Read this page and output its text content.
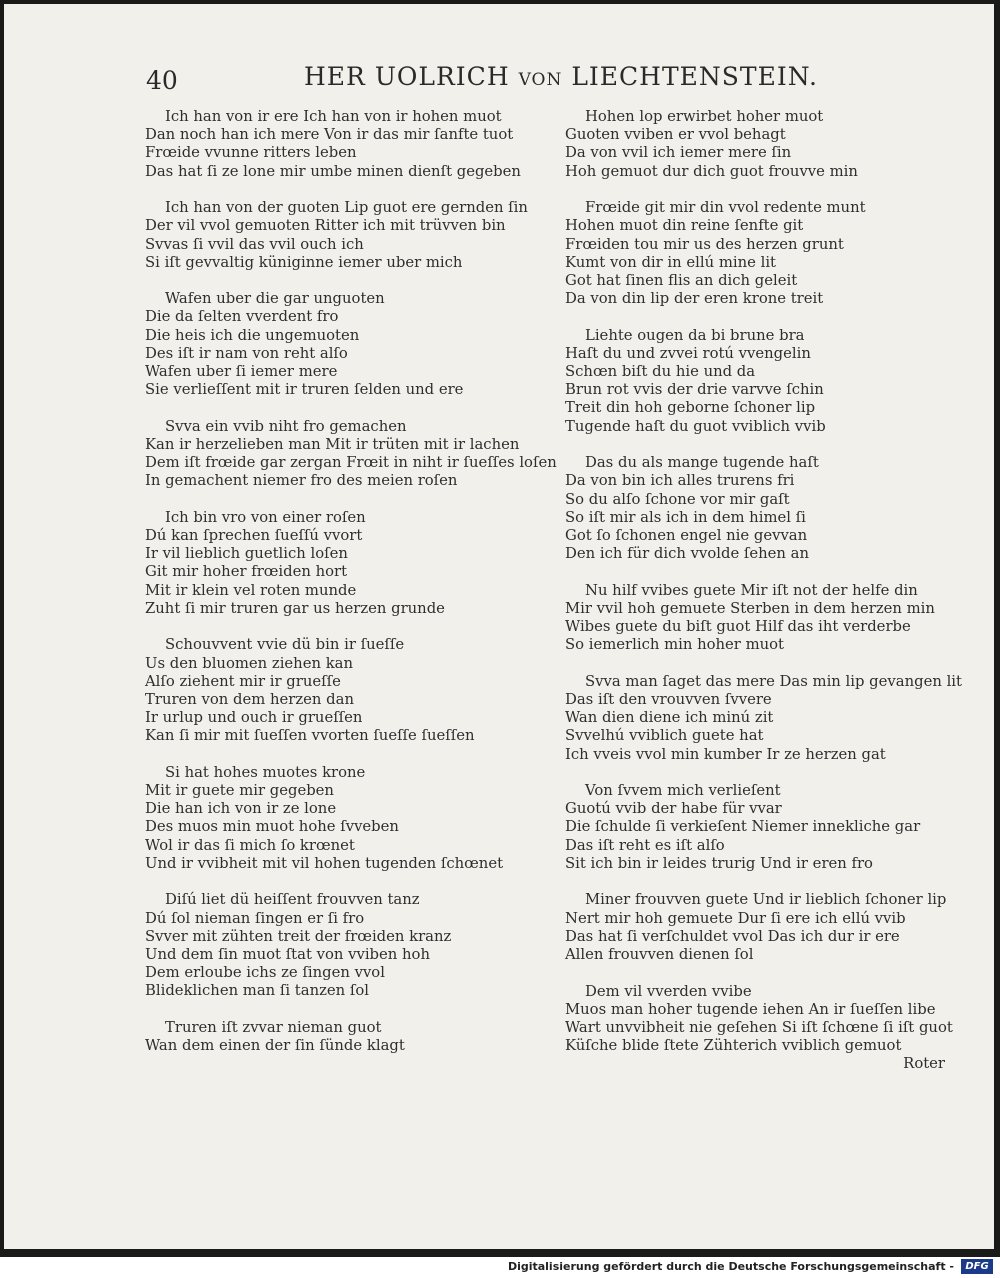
40	HER UOLRICH VON LIECHTENSTEIN.
Ich han von ir ere Ich han von ir hohen muot
Dan noch han ich mere Von ir das mir ſanfte tuot
Frœide vvunne ritters leben
Das hat ſi ze lone mir umbe minen dienſt gegeben
Ich han von der guoten Lip guot ere gernden ſin
Der vil vvol gemuoten Ritter ich mit trüvven bin
Svvas ſi vvil das vvil ouch ich
Si iſt gevvaltig küniginne iemer uber mich
Wafen uber die gar unguoten
Die da ſelten vverdent fro
Die heis ich die ungemuoten
Des iſt ir nam von reht alſo
Wafen uber ſi iemer mere
Sie verlieſſent mit ir truren ſelden und ere
Svva ein vvib niht fro gemachen
Kan ir herzelieben man Mit ir trüten mit ir lachen
Dem iſt frœide gar zergan Frœit in niht ir ſueſſes loſen
In gemachent niemer fro des meien roſen
Ich bin vro von einer roſen
Dú kan ſprechen ſueſſú vvort
Ir vil lieblich guetlich loſen
Git mir hoher frœiden hort
Mit ir klein vel roten munde
Zuht ſi mir truren gar us herzen grunde
Schouvvent vvie dü bin ir ſueſſe
Us den bluomen ziehen kan
Alſo ziehent mir ir grueſſe
Truren von dem herzen dan
Ir urlup und ouch ir grueſſen
Kan ſi mir mit ſueſſen vvorten ſueſſe ſueſſen
Si hat hohes muotes krone
Mit ir guete mir gegeben
Die han ich von ir ze lone
Des muos min muot hohe ſvveben
Wol ir das ſi mich ſo krœnet
Und ir vvibheit mit vil hohen tugenden ſchœnet
Diſú liet dü heiſſent frouvven tanz
Dú ſol nieman ſingen er ſi fro
Svver mit zühten treit der frœiden kranz
Und dem ſin muot ſtat von vviben hoh
Dem erloube ichs ze ſingen vvol
Blideklichen man ſi tanzen ſol
Truren iſt zvvar nieman guot
Wan dem einen der ſin ſünde klagt
Hohen lop erwirbet hoher muot
Guoten vviben er vvol behagt
Da von vvil ich iemer mere ſin
Hoh gemuot dur dich guot frouvve min
Frœide git mir din vvol redente munt
Hohen muot din reine ſenfte git
Frœiden tou mir us des herzen grunt
Kumt von dir in ellú mine lit
Got hat ſinen flis an dich geleit
Da von din lip der eren krone treit
Liehte ougen da bi brune bra
Haſt du und zvvei rotú vvengelin
Schœn biſt du hie und da
Brun rot vvis der drie varvve ſchin
Treit din hoh geborne ſchoner lip
Tugende haſt du guot vviblich vvib
Das du als mange tugende haſt
Da von bin ich alles trurens fri
So du alſo ſchone vor mir gaſt
So iſt mir als ich in dem himel ſi
Got ſo ſchonen engel nie gevvan
Den ich für dich vvolde ſehen an
Nu hilf vvibes guete Mir iſt not der helfe din
Mir vvil hoh gemuete Sterben in dem herzen min
Wibes guete du biſt guot Hilf das iht verderbe
So iemerlich min hoher muot
Svva man ſaget das mere Das min lip gevangen lit
Das iſt den vrouvven ſvvere
Wan dien diene ich minú zit
Svvelhú vviblich guete hat
Ich vveis vvol min kumber Ir ze herzen gat
Von ſvvem mich verlieſent
Guotú vvib der habe für vvar
Die ſchulde ſi verkieſent Niemer innekliche gar
Das iſt reht es iſt alſo
Sit ich bin ir leides trurig Und ir eren fro
Miner frouvven guete Und ir lieblich ſchoner lip
Nert mir hoh gemuete Dur ſi ere ich ellú vvib
Das hat ſi verſchuldet vvol Das ich dur ir ere
Allen frouvven dienen ſol
Dem vil vverden vvibe
Muos man hoher tugende iehen An ir ſueſſen libe
Wart unvvibheit nie geſehen Si iſt ſchœne ſi iſt guot
Küſche blide ſtete Zühterich vviblich gemuot
Roter
Digitalisierung gefördert durch die Deutsche Forschungsgemeinschaft -	DFG
